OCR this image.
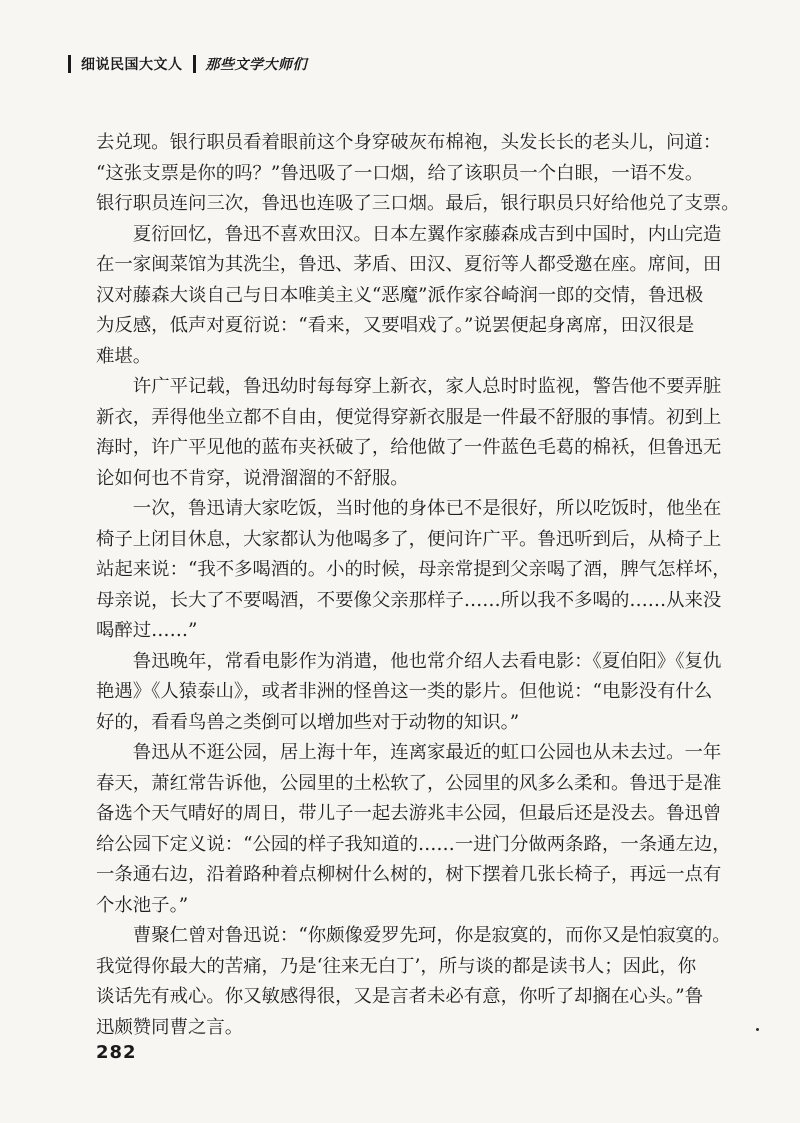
细说民国大文人 那些文学大师们

去兑现。银行职员看着眼前这个身穿破灰布棉袍，头发长长的老头儿，问道：
“这张支票是你的吗？”鲁迅吸了一口烟，给了该职员一个白眼，一语不发。
银行职员连问三次，鲁迅也连吸了三口烟。最后，银行职员只好给他兑了支票。

夏衍回忆，鲁迅不喜欢田汉。日本左翼作家藤森成吉到中国时，内山完造
在一家闽菜馆为其洗尘，鲁迅、茅盾、田汉、夏衍等人都受邀在座。席间，田
汉对藤森大谈自己与日本唯美主义“恶魔”派作家谷崎润一郎的交情，鲁迅极
为反感，低声对夏衍说：“看来，又要唱戏了。”说罢便起身离席，田汉很是
难堪。

许广平记载，鲁迅幼时每每穿上新衣，家人总时时监视，警告他不要弄脏
新衣，弄得他坐立都不自由，便觉得穿新衣服是一件最不舒服的事情。初到上
海时，许广平见他的蓝布夹袄破了，给他做了一件蓝色毛葛的棉袄，但鲁迅无
论如何也不肯穿，说滑溜溜的不舒服。

一次，鲁迅请大家吃饭，当时他的身体已不是很好，所以吃饭时，他坐在
椅子上闭目休息，大家都认为他喝多了，便问许广平。鲁迅听到后，从椅子上
站起来说：“我不多喝酒的。小的时候，母亲常提到父亲喝了酒，脾气怎样坏，
母亲说，长大了不要喝酒，不要像父亲那样子……所以我不多喝的……从来没
喝醉过……”

鲁迅晚年，常看电影作为消遣，他也常介绍人去看电影：《夏伯阳》《复仇
艳遇》《人猿泰山》，或者非洲的怪兽这一类的影片。但他说：“电影没有什么
好的，看看鸟兽之类倒可以增加些对于动物的知识。”

鲁迅从不逛公园，居上海十年，连离家最近的虹口公园也从未去过。一年
春天，萧红常告诉他，公园里的土松软了，公园里的风多么柔和。鲁迅于是准
备选个天气晴好的周日，带儿子一起去游兆丰公园，但最后还是没去。鲁迅曾
给公园下定义说：“公园的样子我知道的……一进门分做两条路，一条通左边，
一条通右边，沿着路种着点柳树什么树的，树下摆着几张长椅子，再远一点有
个水池子。”

曹聚仁曾对鲁迅说：“你颇像爱罗先珂，你是寂寞的，而你又是怕寂寞的。
我觉得你最大的苦痛，乃是‘往来无白丁’，所与谈的都是读书人；因此，你
谈话先有戒心。你又敏感得很，又是言者未必有意，你听了却搁在心头。”鲁
迅颇赞同曹之言。

282
